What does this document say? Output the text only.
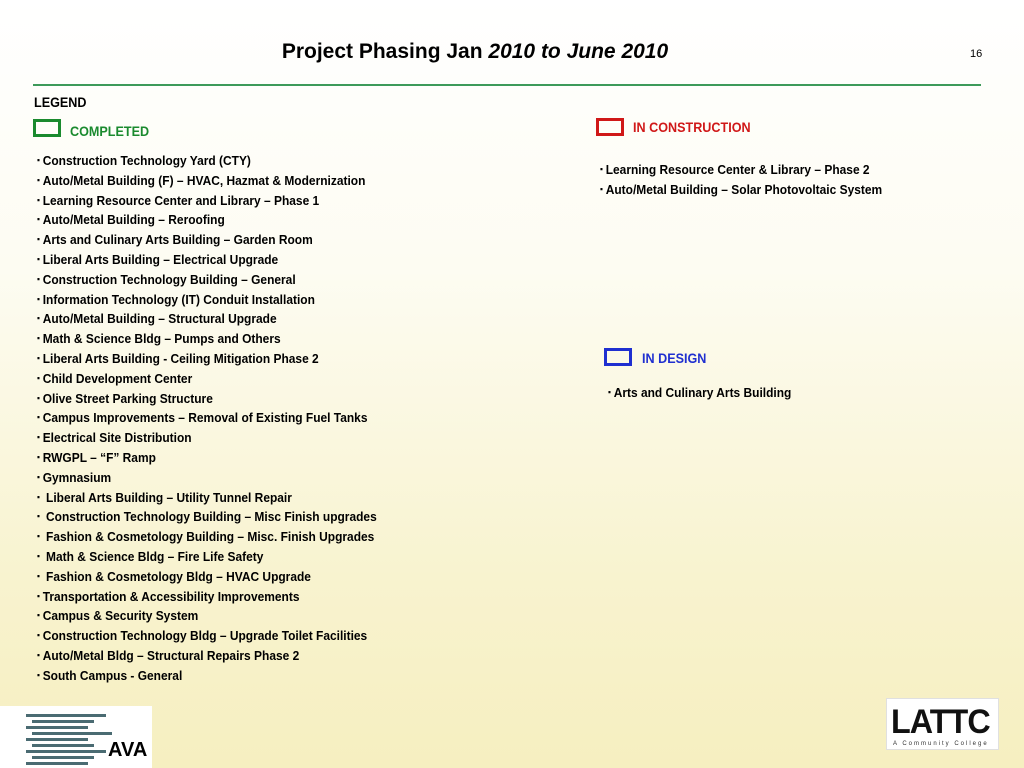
Project Phasing Jan 2010 to June 2010	16
LEGEND
COMPLETED
▪ Construction Technology Yard (CTY)
▪ Auto/Metal Building (F) – HVAC, Hazmat & Modernization
▪ Learning Resource Center and Library – Phase 1
▪ Auto/Metal Building – Reroofing
▪ Arts and Culinary Arts Building – Garden Room
▪ Liberal Arts Building – Electrical Upgrade
▪ Construction Technology Building – General
▪ Information Technology (IT) Conduit Installation
▪ Auto/Metal Building – Structural Upgrade
▪ Math & Science Bldg – Pumps and Others
▪ Liberal Arts Building - Ceiling Mitigation Phase 2
▪ Child Development Center
▪ Olive Street Parking Structure
▪ Campus Improvements – Removal of Existing Fuel Tanks
▪ Electrical Site Distribution
▪ RWGPL – “F” Ramp
▪ Gymnasium
▪ Liberal Arts Building – Utility Tunnel Repair
▪ Construction Technology Building – Misc Finish upgrades
▪ Fashion & Cosmetology Building – Misc. Finish Upgrades
▪ Math & Science Bldg – Fire Life Safety
▪ Fashion & Cosmetology Bldg – HVAC Upgrade
▪ Transportation & Accessibility Improvements
▪ Campus & Security System
▪ Construction Technology Bldg – Upgrade Toilet Facilities
▪ Auto/Metal Bldg – Structural Repairs Phase 2
▪ South Campus - General
IN CONSTRUCTION
▪ Learning Resource Center & Library – Phase 2
▪ Auto/Metal Building – Solar Photovoltaic System
IN DESIGN
▪ Arts and Culinary Arts Building
AVA
LATTC
A Community College
